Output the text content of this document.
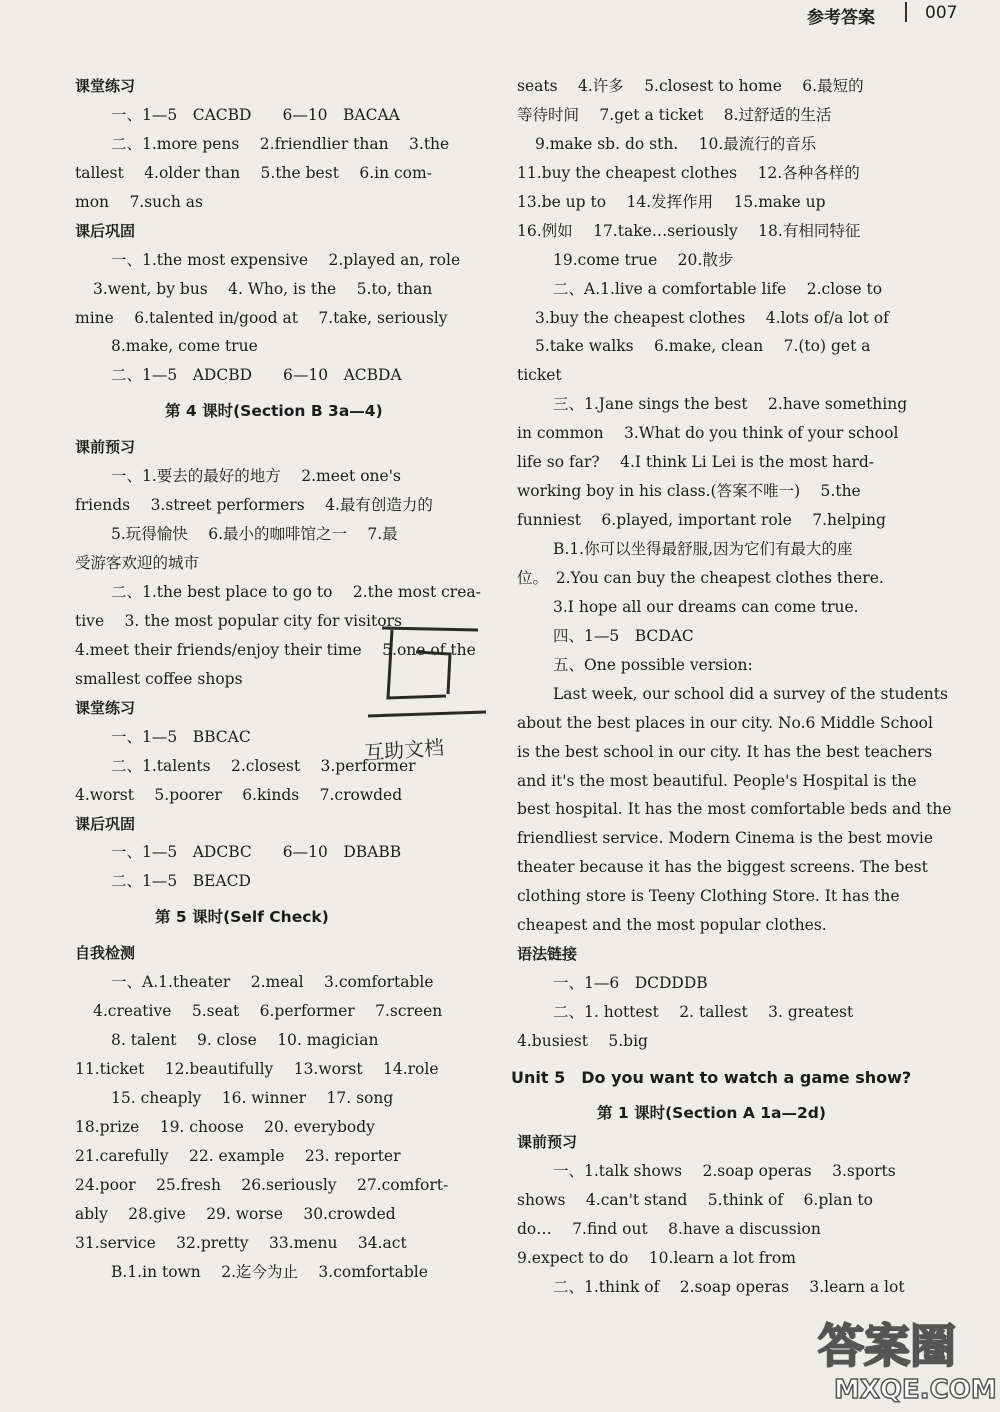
参考答案	007
课堂练习
一、1—5　CACBD　　6—10　BACAA
二、1.more pens　 2.friendlier than　 3.the
tallest　 4.older than　 5.the best　 6.in com-
mon　 7.such as
课后巩固
一、1.the most expensive　 2.played an, role
3.went, by bus　 4. Who, is the　 5.to, than
mine　 6.talented in/good at　 7.take, seriously
8.make, come true
二、1—5　ADCBD　　6—10　ACBDA
第 4 课时(Section B 3a—4)
课前预习
一、1.要去的最好的地方　 2.meet one's
friends　 3.street performers　 4.最有创造力的
5.玩得愉快　 6.最小的咖啡馆之一　 7.最
受游客欢迎的城市
二、1.the best place to go to　 2.the most crea-
tive　 3. the most popular city for visitors
4.meet their friends/enjoy their time　 5.one of the
smallest coffee shops
课堂练习
一、1—5　BBCAC
二、1.talents　 2.closest　 3.performer
4.worst　 5.poorer　 6.kinds　 7.crowded
课后巩固
一、1—5　ADCBC　　6—10　DBABB
二、1—5　BEACD
第 5 课时(Self Check)
自我检测
一、A.1.theater　 2.meal　 3.comfortable
4.creative　 5.seat　 6.performer　 7.screen
8. talent　 9. close　 10. magician
11.ticket　 12.beautifully　 13.worst　 14.role
15. cheaply　 16. winner　 17. song
18.prize　 19. choose　 20. everybody
21.carefully　 22. example　 23. reporter
24.poor　 25.fresh　 26.seriously　 27.comfort-
ably　 28.give　 29. worse　 30.crowded
31.service　 32.pretty　 33.menu　 34.act
B.1.in town　 2.迄今为止　 3.comfortable
seats　 4.许多　 5.closest to home　 6.最短的
等待时间　 7.get a ticket　 8.过舒适的生活
9.make sb. do sth.　 10.最流行的音乐
11.buy the cheapest clothes　 12.各种各样的
13.be up to　 14.发挥作用　 15.make up
16.例如　 17.take…seriously　 18.有相同特征
19.come true　 20.散步
二、A.1.live a comfortable life　 2.close to
3.buy the cheapest clothes　 4.lots of/a lot of
5.take walks　 6.make, clean　 7.(to) get a
ticket
三、1.Jane sings the best　 2.have something
in common　 3.What do you think of your school
life so far?　 4.I think Li Lei is the most hard-
working boy in his class.(答案不唯一)　 5.the
funniest　 6.played, important role　 7.helping
B.1.你可以坐得最舒服,因为它们有最大的座
位。　2.You can buy the cheapest clothes there.
3.I hope all our dreams can come true.
四、1—5　BCDAC
五、One possible version:
Last week, our school did a survey of the students
about the best places in our city. No.6 Middle School
is the best school in our city. It has the best teachers
and it's the most beautiful. People's Hospital is the
best hospital. It has the most comfortable beds and the
friendliest service. Modern Cinema is the best movie
theater because it has the biggest screens. The best
clothing store is Teeny Clothing Store. It has the
cheapest and the most popular clothes.
语法链接
一、1—6　DCDDDB
二、1. hottest　 2. tallest　 3. greatest
4.busiest　 5.big
Unit 5　Do you want to watch a game show?
第 1 课时(Section A 1a—2d)
课前预习
一、1.talk shows　 2.soap operas　 3.sports
shows　 4.can't stand　 5.think of　 6.plan to
do…　 7.find out　 8.have a discussion
9.expect to do　 10.learn a lot from
二、1.think of　 2.soap operas　 3.learn a lot
互助文档
答案圈
MXQE.COM
